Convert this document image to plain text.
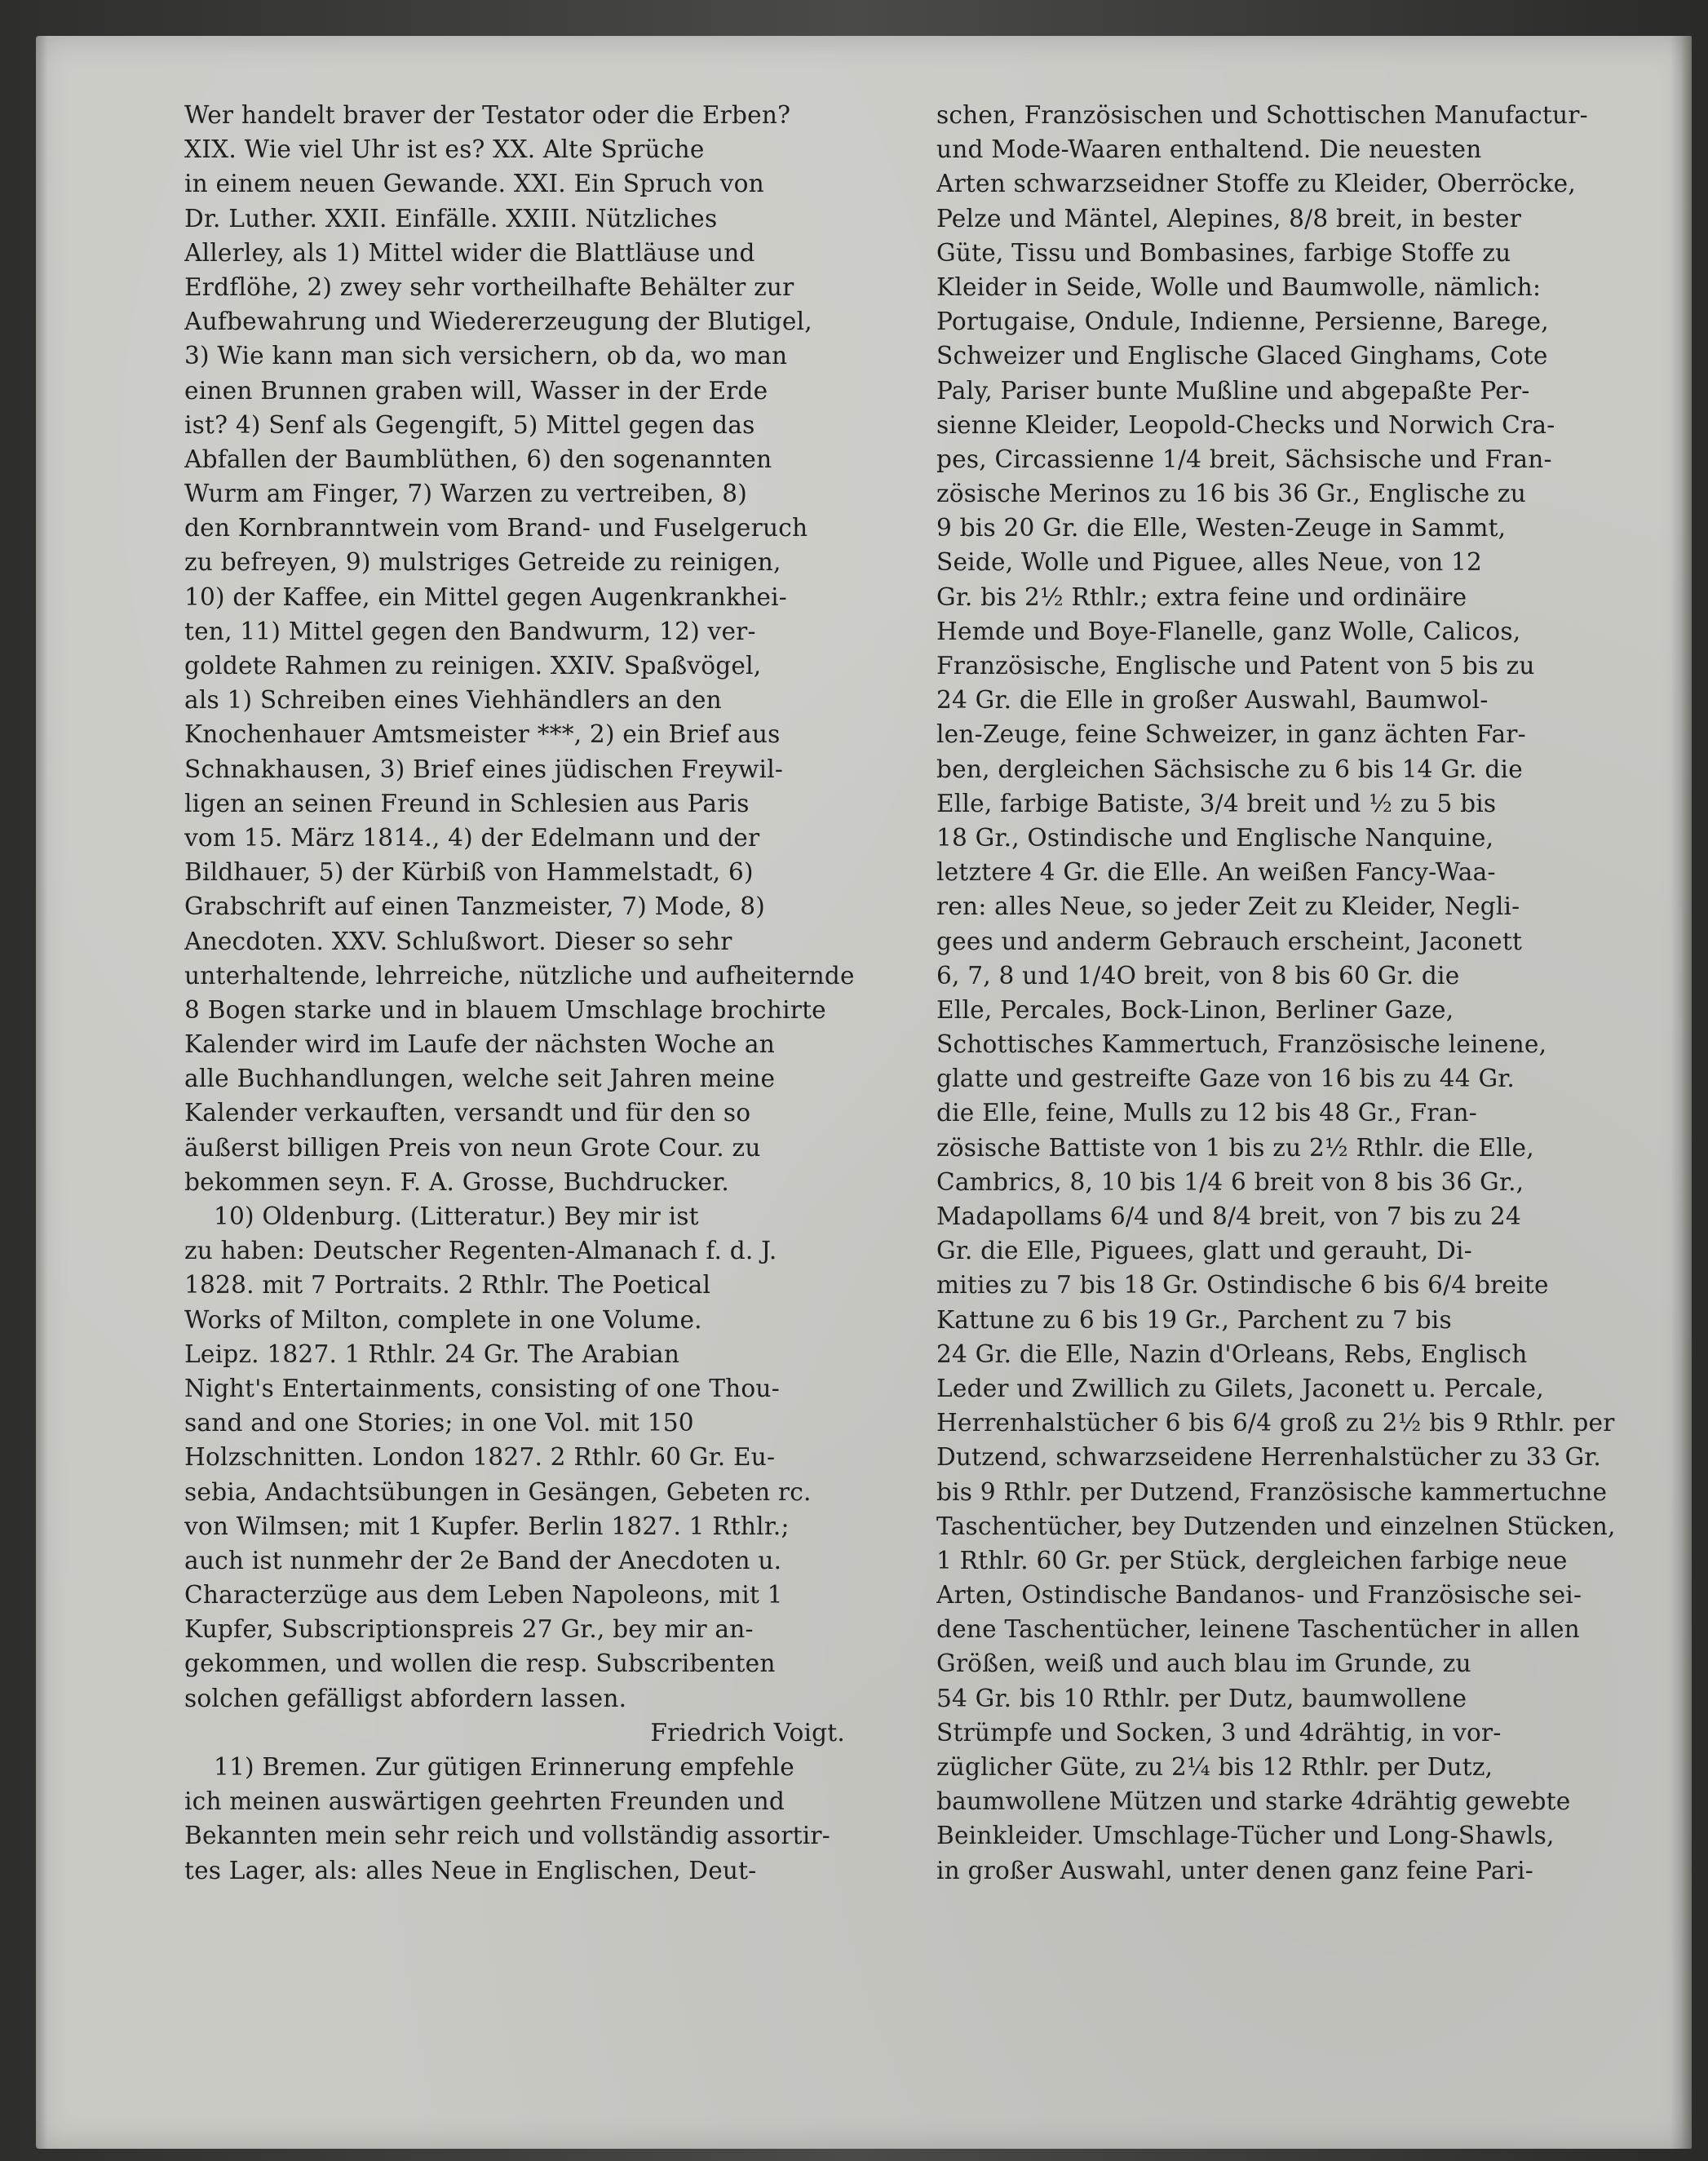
Wer handelt braver der Testator oder die Erben?
XIX. Wie viel Uhr ist es? XX. Alte Sprüche
in einem neuen Gewande. XXI. Ein Spruch von
Dr. Luther. XXII. Einfälle. XXIII. Nützliches
Allerley, als 1) Mittel wider die Blattläuse und
Erdflöhe, 2) zwey sehr vortheilhafte Behälter zur
Aufbewahrung und Wiedererzeugung der Blutigel,
3) Wie kann man sich versichern, ob da, wo man
einen Brunnen graben will, Wasser in der Erde
ist? 4) Senf als Gegengift, 5) Mittel gegen das
Abfallen der Baumblüthen, 6) den sogenannten
Wurm am Finger, 7) Warzen zu vertreiben, 8)
den Kornbranntwein vom Brand- und Fuselgeruch
zu befreyen, 9) mulstriges Getreide zu reinigen,
10) der Kaffee, ein Mittel gegen Augenkrankhei-
ten, 11) Mittel gegen den Bandwurm, 12) ver-
goldete Rahmen zu reinigen. XXIV. Spaßvögel,
als 1) Schreiben eines Viehhändlers an den
Knochenhauer Amtsmeister ***, 2) ein Brief aus
Schnakhausen, 3) Brief eines jüdischen Freywil-
ligen an seinen Freund in Schlesien aus Paris
vom 15. März 1814., 4) der Edelmann und der
Bildhauer, 5) der Kürbiß von Hammelstadt, 6)
Grabschrift auf einen Tanzmeister, 7) Mode, 8)
Anecdoten. XXV. Schlußwort. Dieser so sehr
unterhaltende, lehrreiche, nützliche und aufheiternde
8 Bogen starke und in blauem Umschlage brochirte
Kalender wird im Laufe der nächsten Woche an
alle Buchhandlungen, welche seit Jahren meine
Kalender verkauften, versandt und für den so
äußerst billigen Preis von neun Grote Cour. zu
bekommen seyn. F. A. Grosse, Buchdrucker.
10) Oldenburg. (Litteratur.) Bey mir ist
zu haben: Deutscher Regenten-Almanach f. d. J.
1828. mit 7 Portraits. 2 Rthlr. The Poetical
Works of Milton, complete in one Volume.
Leipz. 1827. 1 Rthlr. 24 Gr. The Arabian
Night's Entertainments, consisting of one Thou-
sand and one Stories; in one Vol. mit 150
Holzschnitten. London 1827. 2 Rthlr. 60 Gr. Eu-
sebia, Andachtsübungen in Gesängen, Gebeten rc.
von Wilmsen; mit 1 Kupfer. Berlin 1827. 1 Rthlr.;
auch ist nunmehr der 2e Band der Anecdoten u.
Characterzüge aus dem Leben Napoleons, mit 1
Kupfer, Subscriptionspreis 27 Gr., bey mir an-
gekommen, und wollen die resp. Subscribenten
solchen gefälligst abfordern lassen.
Friedrich Voigt.
11) Bremen. Zur gütigen Erinnerung empfehle
ich meinen auswärtigen geehrten Freunden und
Bekannten mein sehr reich und vollständig assortir-
tes Lager, als: alles Neue in Englischen, Deut-
schen, Französischen und Schottischen Manufactur-
und Mode-Waaren enthaltend. Die neuesten
Arten schwarzseidner Stoffe zu Kleider, Oberröcke,
Pelze und Mäntel, Alepines, 8/8 breit, in bester
Güte, Tissu und Bombasines, farbige Stoffe zu
Kleider in Seide, Wolle und Baumwolle, nämlich:
Portugaise, Ondule, Indienne, Persienne, Barege,
Schweizer und Englische Glaced Ginghams, Cote
Paly, Pariser bunte Mußline und abgepaßte Per-
sienne Kleider, Leopold-Checks und Norwich Cra-
pes, Circassienne 1/4 breit, Sächsische und Fran-
zösische Merinos zu 16 bis 36 Gr., Englische zu
9 bis 20 Gr. die Elle, Westen-Zeuge in Sammt,
Seide, Wolle und Piguee, alles Neue, von 12
Gr. bis 2½ Rthlr.; extra feine und ordinäire
Hemde und Boye-Flanelle, ganz Wolle, Calicos,
Französische, Englische und Patent von 5 bis zu
24 Gr. die Elle in großer Auswahl, Baumwol-
len-Zeuge, feine Schweizer, in ganz ächten Far-
ben, dergleichen Sächsische zu 6 bis 14 Gr. die
Elle, farbige Batiste, 3/4 breit und ½ zu 5 bis
18 Gr., Ostindische und Englische Nanquine,
letztere 4 Gr. die Elle. An weißen Fancy-Waa-
ren: alles Neue, so jeder Zeit zu Kleider, Negli-
gees und anderm Gebrauch erscheint, Jaconett
6, 7, 8 und 1/4O breit, von 8 bis 60 Gr. die
Elle, Percales, Bock-Linon, Berliner Gaze,
Schottisches Kammertuch, Französische leinene,
glatte und gestreifte Gaze von 16 bis zu 44 Gr.
die Elle, feine, Mulls zu 12 bis 48 Gr., Fran-
zösische Battiste von 1 bis zu 2½ Rthlr. die Elle,
Cambrics, 8, 10 bis 1/4 6 breit von 8 bis 36 Gr.,
Madapollams 6/4 und 8/4 breit, von 7 bis zu 24
Gr. die Elle, Piguees, glatt und gerauht, Di-
mities zu 7 bis 18 Gr. Ostindische 6 bis 6/4 breite
Kattune zu 6 bis 19 Gr., Parchent zu 7 bis
24 Gr. die Elle, Nazin d'Orleans, Rebs, Englisch
Leder und Zwillich zu Gilets, Jaconett u. Percale,
Herrenhalstücher 6 bis 6/4 groß zu 2½ bis 9 Rthlr. per
Dutzend, schwarzseidene Herrenhalstücher zu 33 Gr.
bis 9 Rthlr. per Dutzend, Französische kammertuchne
Taschentücher, bey Dutzenden und einzelnen Stücken,
1 Rthlr. 60 Gr. per Stück, dergleichen farbige neue
Arten, Ostindische Bandanos- und Französische sei-
dene Taschentücher, leinene Taschentücher in allen
Größen, weiß und auch blau im Grunde, zu
54 Gr. bis 10 Rthlr. per Dutz, baumwollene
Strümpfe und Socken, 3 und 4drähtig, in vor-
züglicher Güte, zu 2¼ bis 12 Rthlr. per Dutz,
baumwollene Mützen und starke 4drähtig gewebte
Beinkleider. Umschlage-Tücher und Long-Shawls,
in großer Auswahl, unter denen ganz feine Pari-
